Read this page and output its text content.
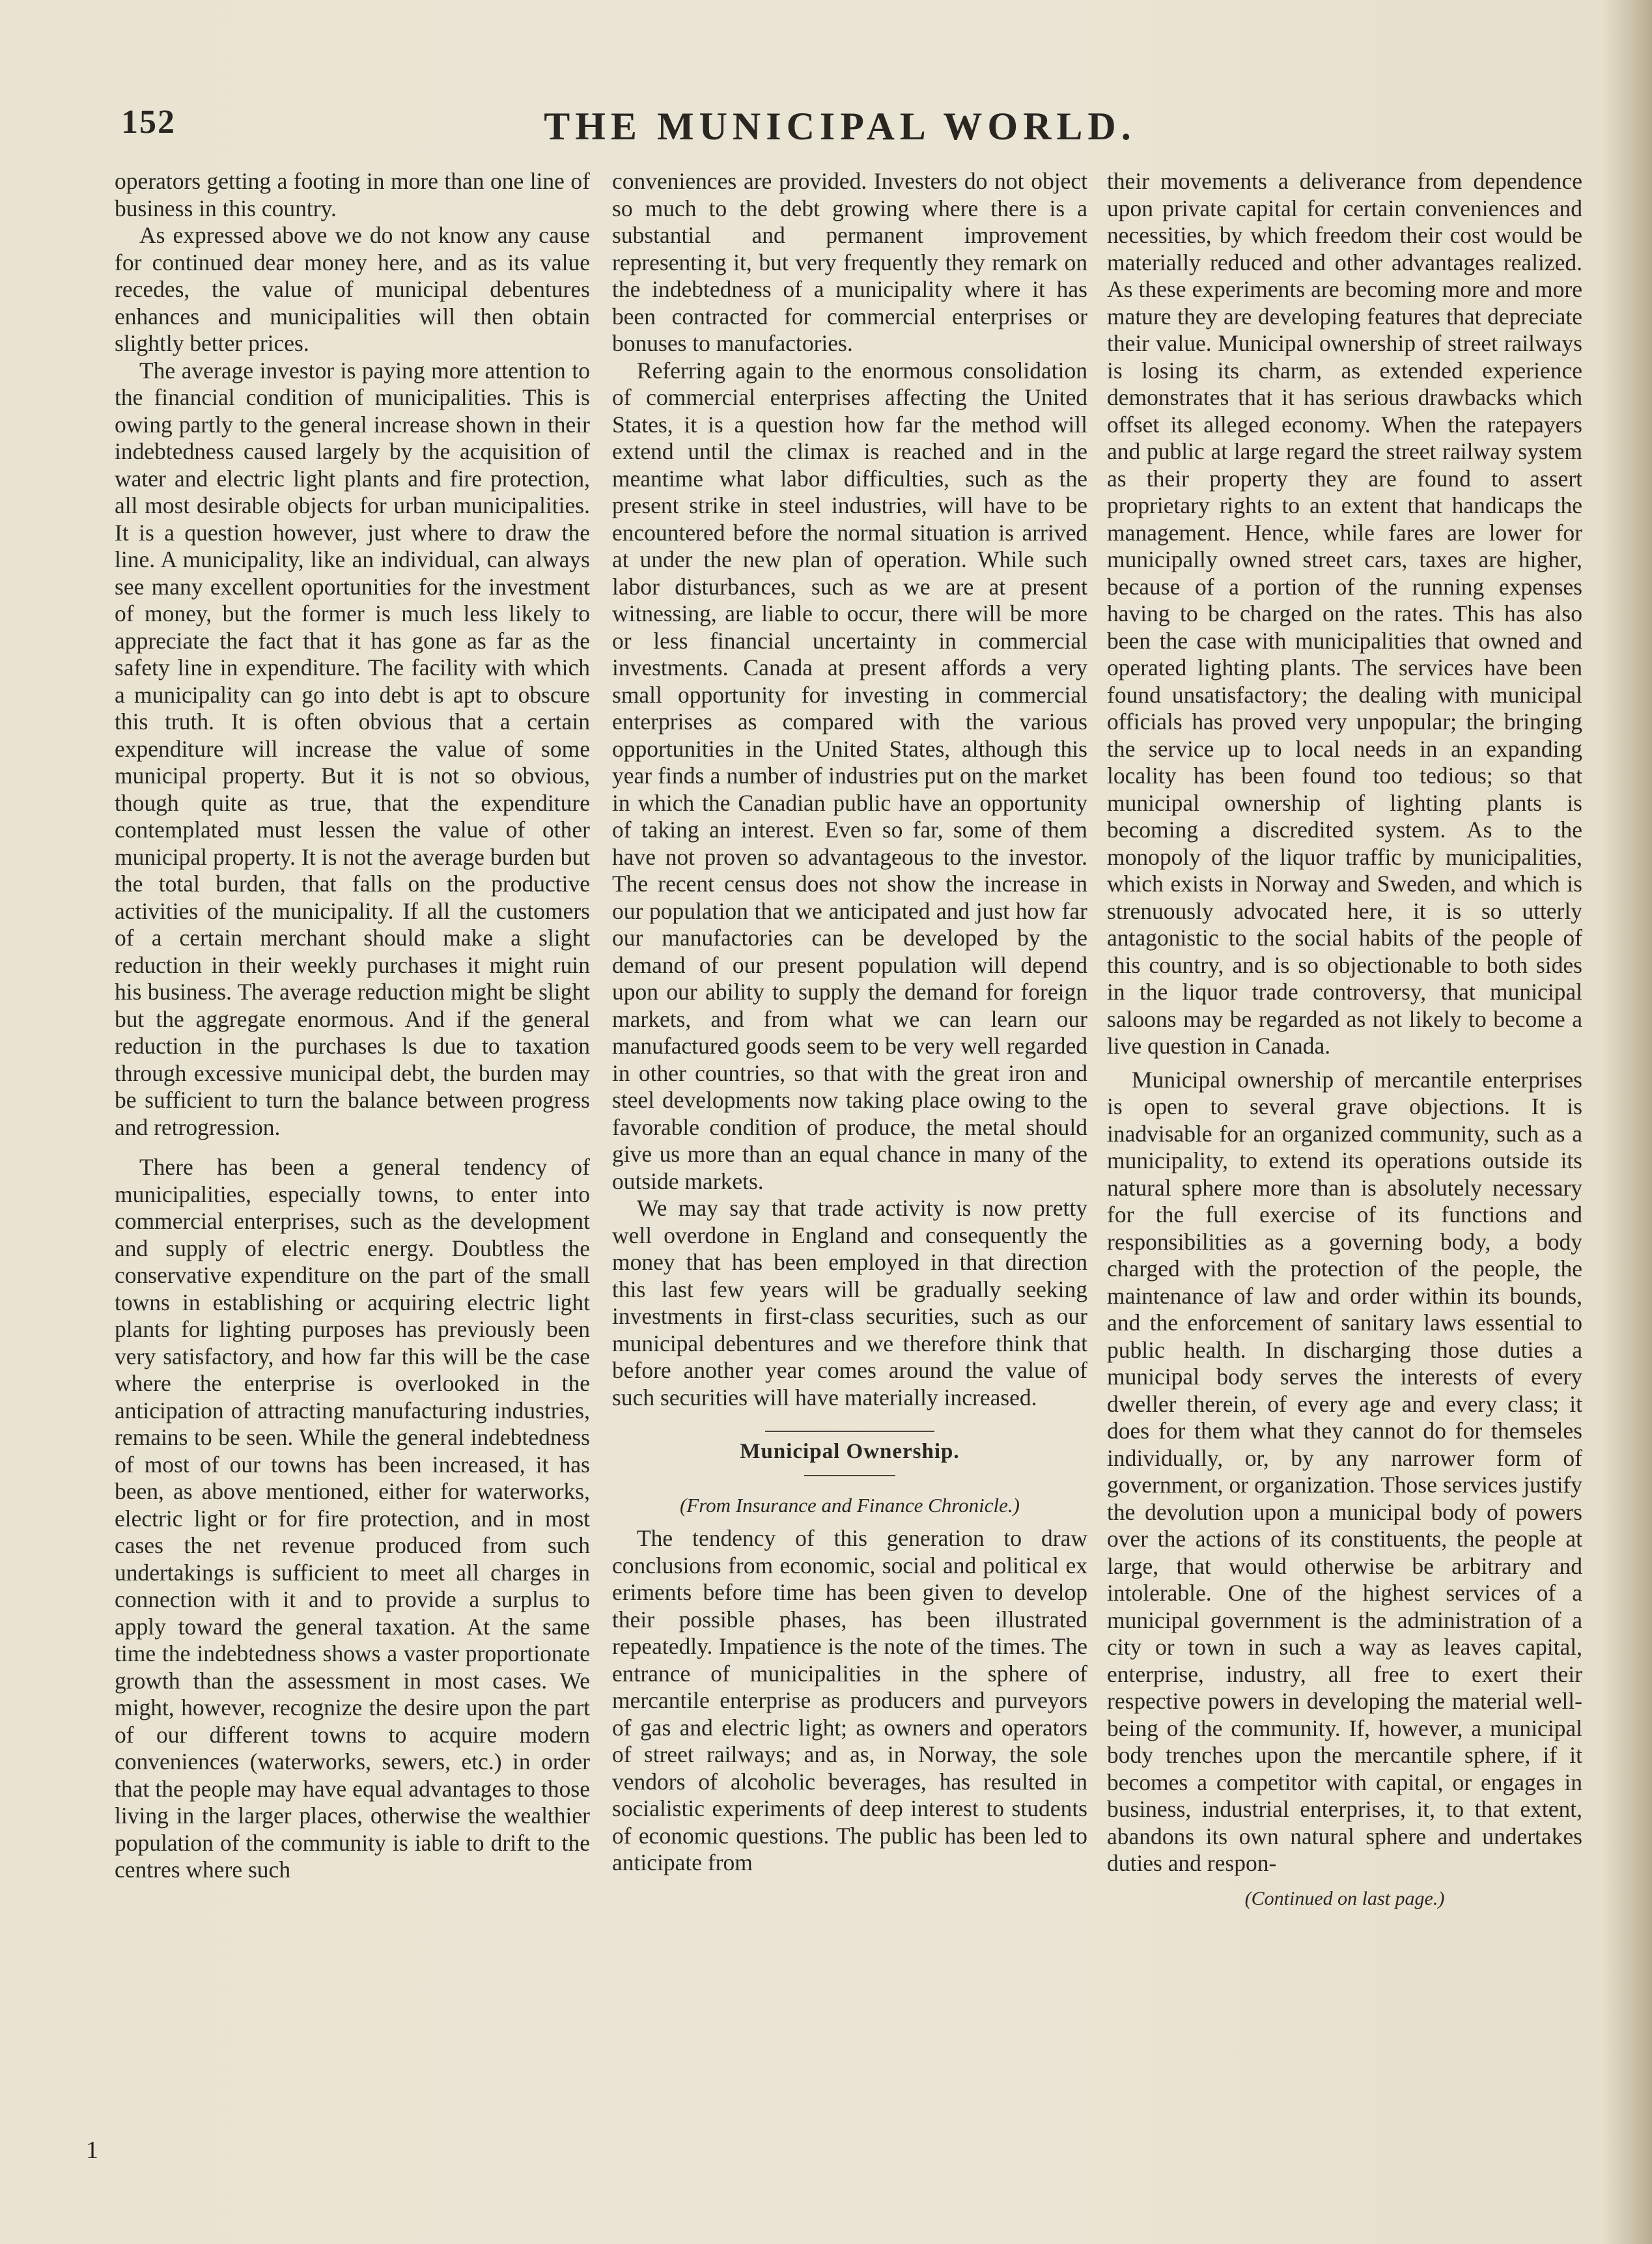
152	THE MUNICIPAL WORLD.

operators getting a footing in more than one line of business in this country.

As expressed above we do not know any cause for continued dear money here, and as its value recedes, the value of municipal debentures enhances and municipalities will then obtain slightly better prices.

The average investor is paying more attention to the financial condition of municipalities. This is owing partly to the general increase shown in their indebtedness caused largely by the acquisition of water and electric light plants and fire protection, all most desirable objects for urban municipalities. It is a question however, just where to draw the line. A municipality, like an individual, can always see many excellent oportunities for the investment of money, but the former is much less likely to appreciate the fact that it has gone as far as the safety line in expenditure. The facility with which a municipality can go into debt is apt to obscure this truth. It is often obvious that a certain expenditure will increase the value of some municipal property. But it is not so obvious, though quite as true, that the expenditure contemplated must lessen the value of other municipal property. It is not the average burden but the total burden, that falls on the productive activities of the municipality. If all the customers of a certain merchant should make a slight reduction in their weekly purchases it might ruin his business. The average reduction might be slight but the aggregate enormous. And if the general reduction in the purchases ls due to taxation through excessive municipal debt, the burden may be sufficient to turn the balance between progress and retrogression.

There has been a general tendency of municipalities, especially towns, to enter into commercial enterprises, such as the development and supply of electric energy. Doubtless the conservative expenditure on the part of the small towns in establishing or acquiring electric light plants for lighting purposes has previously been very satisfactory, and how far this will be the case where the enterprise is overlooked in the anticipation of attracting manufacturing industries, remains to be seen. While the general indebtedness of most of our towns has been increased, it has been, as above mentioned, either for waterworks, electric light or for fire protection, and in most cases the net revenue produced from such undertakings is sufficient to meet all charges in connection with it and to provide a surplus to apply toward the general taxation. At the same time the indebtedness shows a vaster proportionate growth than the assessment in most cases. We might, however, recognize the desire upon the part of our different towns to acquire modern conveniences (waterworks, sewers, etc.) in order that the people may have equal advantages to those living in the larger places, otherwise the wealthier population of the community is iable to drift to the centres where such

conveniences are provided. Investers do not object so much to the debt growing where there is a substantial and permanent improvement representing it, but very frequently they remark on the indebtedness of a municipality where it has been contracted for commercial enterprises or bonuses to manufactories.

Referring again to the enormous consolidation of commercial enterprises affecting the United States, it is a question how far the method will extend until the climax is reached and in the meantime what labor difficulties, such as the present strike in steel industries, will have to be encountered before the normal situation is arrived at under the new plan of operation. While such labor disturbances, such as we are at present witnessing, are liable to occur, there will be more or less financial uncertainty in commercial investments. Canada at present affords a very small opportunity for investing in commercial enterprises as compared with the various opportunities in the United States, although this year finds a number of industries put on the market in which the Canadian public have an opportunity of taking an interest. Even so far, some of them have not proven so advantageous to the investor. The recent census does not show the increase in our population that we anticipated and just how far our manufactories can be developed by the demand of our present population will depend upon our ability to supply the demand for foreign markets, and from what we can learn our manufactured goods seem to be very well regarded in other countries, so that with the great iron and steel developments now taking place owing to the favorable condition of produce, the metal should give us more than an equal chance in many of the outside markets.

We may say that trade activity is now pretty well overdone in England and consequently the money that has been employed in that direction this last few years will be gradually seeking investments in first-class securities, such as our municipal debentures and we therefore think that before another year comes around the value of such securities will have materially increased.

Municipal Ownership.
(From Insurance and Finance Chronicle.)

The tendency of this generation to draw conclusions from economic, social and political ex eriments before time has been given to develop their possible phases, has been illustrated repeatedly. Impatience is the note of the times. The entrance of municipalities in the sphere of mercantile enterprise as producers and purveyors of gas and electric light; as owners and operators of street railways; and as, in Norway, the sole vendors of alcoholic beverages, has resulted in socialistic experiments of deep interest to students of economic questions. The public has been led to anticipate from

their movements a deliverance from dependence upon private capital for certain conveniences and necessities, by which freedom their cost would be materially reduced and other advantages realized. As these experiments are becoming more and more mature they are developing features that depreciate their value. Municipal ownership of street railways is losing its charm, as extended experience demonstrates that it has serious drawbacks which offset its alleged economy. When the ratepayers and public at large regard the street railway system as their property they are found to assert proprietary rights to an extent that handicaps the management. Hence, while fares are lower for municipally owned street cars, taxes are higher, because of a portion of the running expenses having to be charged on the rates. This has also been the case with municipalities that owned and operated lighting plants. The services have been found unsatisfactory; the dealing with municipal officials has proved very unpopular; the bringing the service up to local needs in an expanding locality has been found too tedious; so that municipal ownership of lighting plants is becoming a discredited system. As to the monopoly of the liquor traffic by municipalities, which exists in Norway and Sweden, and which is strenuously advocated here, it is so utterly antagonistic to the social habits of the people of this country, and is so objectionable to both sides in the liquor trade controversy, that municipal saloons may be regarded as not likely to become a live question in Canada.

Municipal ownership of mercantile enterprises is open to several grave objections. It is inadvisable for an organized community, such as a municipality, to extend its operations outside its natural sphere more than is absolutely necessary for the full exercise of its functions and responsibilities as a governing body, a body charged with the protection of the people, the maintenance of law and order within its bounds, and the enforcement of sanitary laws essential to public health. In discharging those duties a municipal body serves the interests of every dweller therein, of every age and every class; it does for them what they cannot do for themseles individually, or, by any narrower form of government, or organization. Those services justify the devolution upon a municipal body of powers over the actions of its constituents, the people at large, that would otherwise be arbitrary and intolerable. One of the highest services of a municipal government is the administration of a city or town in such a way as leaves capital, enterprise, industry, all free to exert their respective powers in developing the material well-being of the community. If, however, a municipal body trenches upon the mercantile sphere, if it becomes a competitor with capital, or engages in business, industrial enterprises, it, to that extent, abandons its own natural sphere and undertakes duties and respon-

(Continued on last page.)
1
